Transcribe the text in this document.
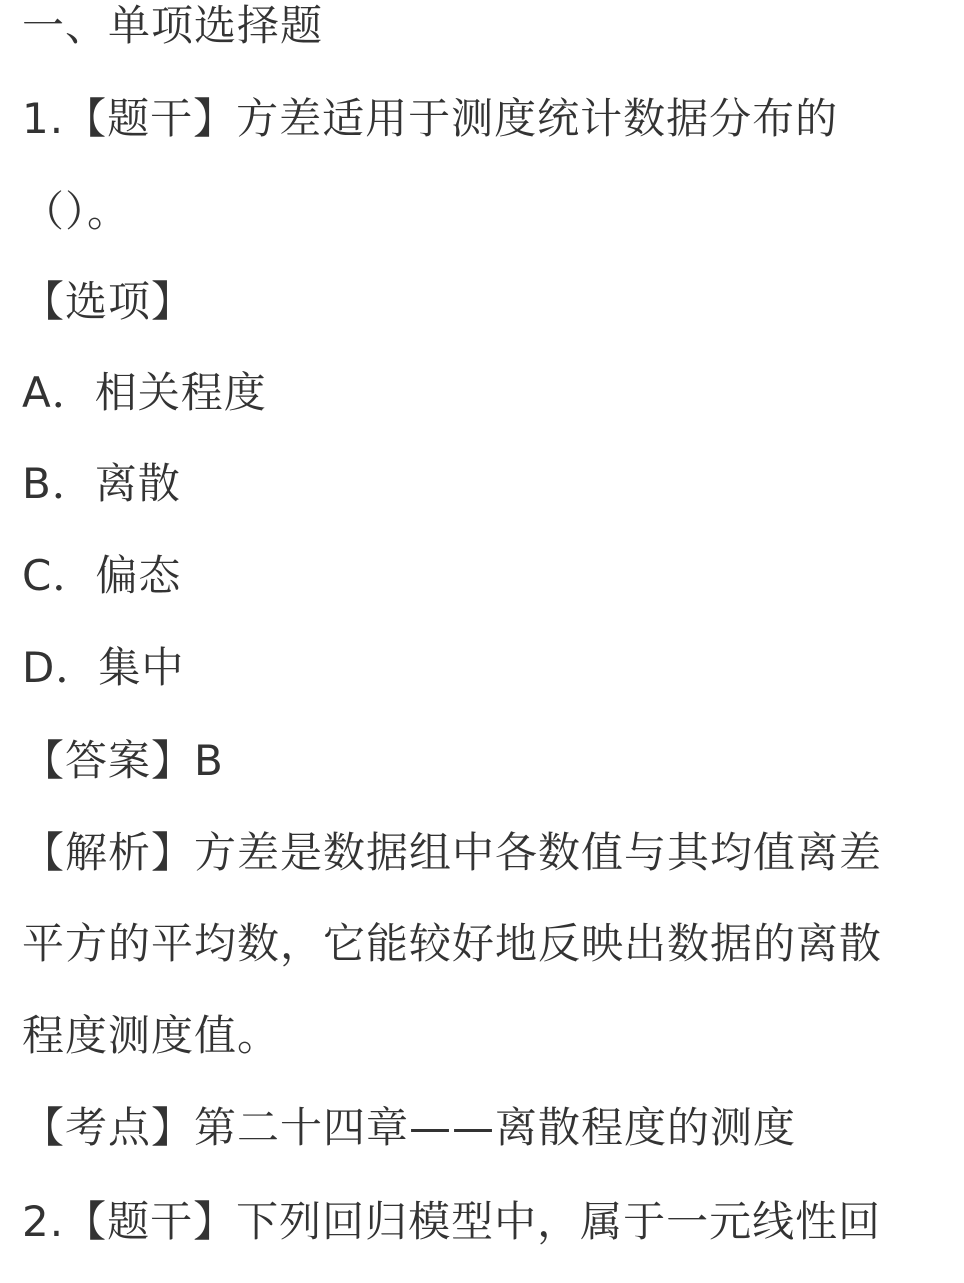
一、单项选择题
1.【题干】方差适用于测度统计数据分布的
（）。
【选项】
A．相关程度
B．离散
C．偏态
D．集中
【答案】B
【解析】方差是数据组中各数值与其均值离差
平方的平均数，它能较好地反映出数据的离散
程度测度值。
【考点】第二十四章——离散程度的测度
2.【题干】下列回归模型中，属于一元线性回
